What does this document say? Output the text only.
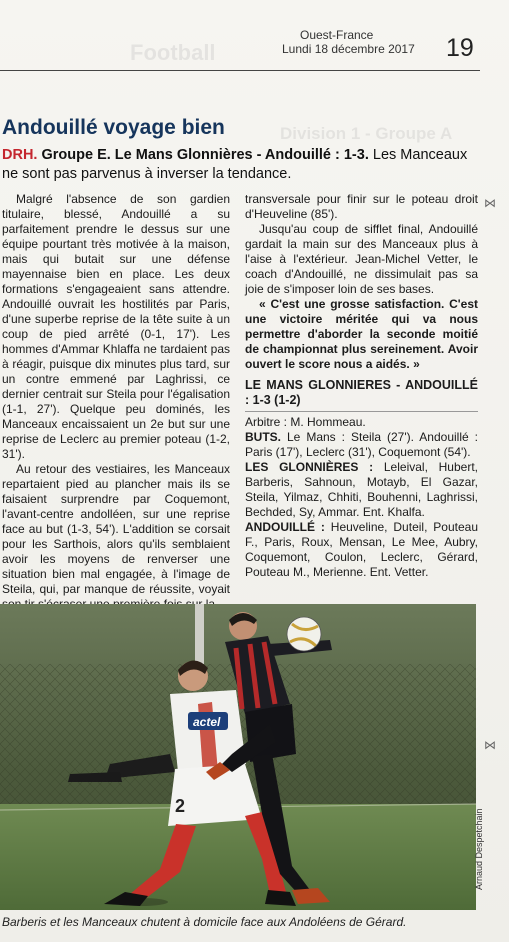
Football
Division 1 - Groupe A
Ouest-France
Lundi 18 décembre 2017 19
Andouillé voyage bien
DRH. Groupe E. Le Mans Glonnières - Andouillé : 1-3. Les Manceaux ne sont pas parvenus à inverser la tendance.

Malgré l'absence de son gardien titulaire, blessé, Andouillé a su parfaitement prendre le dessus sur une équipe pourtant très motivée à la maison, mais qui butait sur une défense mayennaise bien en place. Les deux formations s'engageaient sans attendre. Andouillé ouvrait les hostilités par Paris, d'une superbe reprise de la tête suite à un coup de pied arrêté (0-1, 17'). Les hommes d'Ammar Khlaffa ne tardaient pas à réagir, puisque dix minutes plus tard, sur un contre emmené par Laghrissi, ce dernier centrait sur Steila pour l'égalisation (1-1, 27'). Quelque peu dominés, les Manceaux encaissaient un 2e but sur une reprise de Leclerc au premier poteau (1-2, 31').

Au retour des vestiaires, les Manceaux repartaient pied au plancher mais ils se faisaient surprendre par Coquemont, l'avant-centre andolléen, sur une reprise face au but (1-3, 54'). L'addition se corsait pour les Sarthois, alors qu'ils semblaient avoir les moyens de renverser une situation bien mal engagée, à l'image de Steila, qui, par manque de réussite, voyait

transversale pour finir sur le poteau droit d'Heuveline (85').

Jusqu'au coup de sifflet final, Andouillé gardait la main sur des Manceaux plus à l'aise à l'extérieur. Jean-Michel Vetter, le coach d'Andouillé, ne dissimulait pas sa joie de s'imposer loin de ses bases.

« C'est une grosse satisfaction. C'est une victoire méritée qui va nous permettre d'aborder la seconde moitié de championnat plus sereinement. Avoir ouvert le score nous a aidés. »

LE MANS GLONNIERES - ANDOUILLÉ : 1-3 (1-2)

Arbitre : M. Hommeau.

BUTS. Le Mans : Steila (27'). Andouillé : Paris (17'), Leclerc (31'), Coquemont (54').

LES GLONNIÈRES : Leleival, Hubert, Barberis, Sahnoun, Motayb, El Gazar, Steila, Yilmaz, Chhiti, Bouhenni, Laghrissi, Bechded, Sy, Ammar. Ent. Khalfa.

ANDOUILLÉ : Heuveline, Duteil, Pouteau F., Paris, Roux, Mensan, Le Mee, Aubry, Coquemont, Coulon, Leclerc, Gérard, Pouteau M., Merienne. Ent. Vetter.

actel
2
Arnaud Despetchain
Barberis et les Manceaux chutent à domicile face aux Andoléens de Gérard.
⋈
⋈
